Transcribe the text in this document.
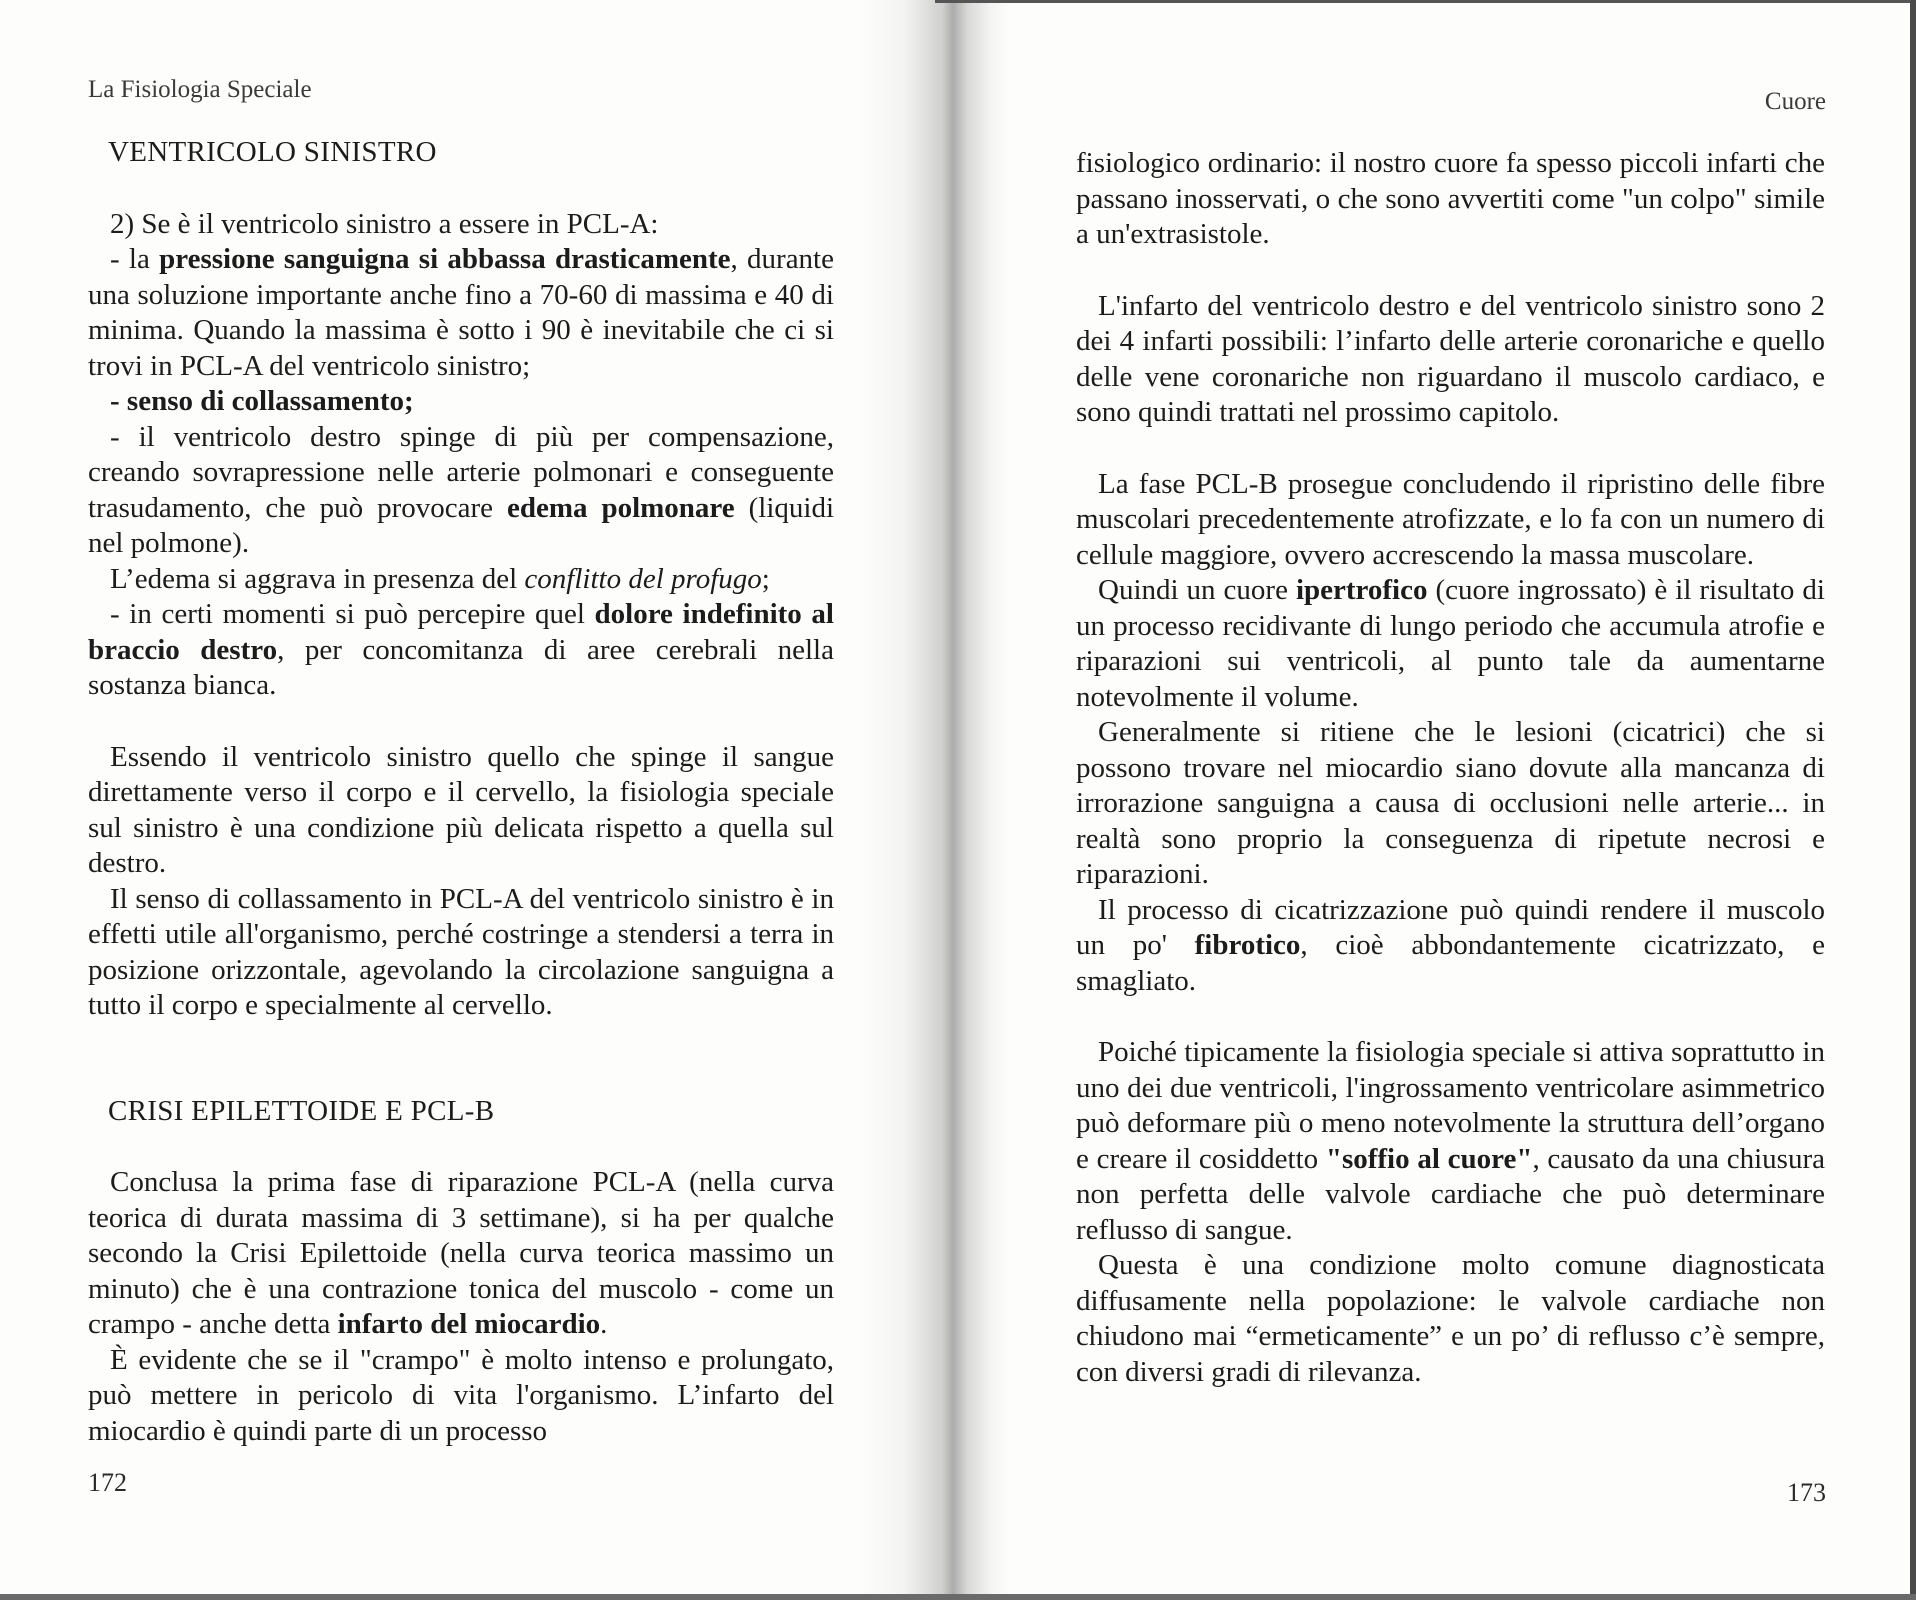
La Fisiologia Speciale

VENTRICOLO SINISTRO

2) Se è il ventricolo sinistro a essere in PCL-A:

- la pressione sanguigna si abbassa drasticamente, durante una soluzione importante anche fino a 70-60 di massima e 40 di minima. Quando la massima è sotto i 90 è inevitabile che ci si trovi in PCL-A del ventricolo sinistro;

- senso di collassamento;

- il ventricolo destro spinge di più per compensazione, creando sovrapressione nelle arterie polmonari e conseguente trasudamento, che può provocare edema polmonare (liquidi nel polmone).

L’edema si aggrava in presenza del conflitto del profugo;

- in certi momenti si può percepire quel dolore indefinito al braccio destro, per concomitanza di aree cerebrali nella sostanza bianca.

Essendo il ventricolo sinistro quello che spinge il sangue direttamente verso il corpo e il cervello, la fisiologia speciale sul sinistro è una condizione più delicata rispetto a quella sul destro.

Il senso di collassamento in PCL-A del ventricolo sinistro è in effetti utile all'organismo, perché costringe a stendersi a terra in posizione orizzontale, agevolando la circolazione sanguigna a tutto il corpo e specialmente al cervello.

CRISI EPILETTOIDE E PCL-B

Conclusa la prima fase di riparazione PCL-A (nella curva teorica di durata massima di 3 settimane), si ha per qualche secondo la Crisi Epilettoide (nella curva teorica massimo un minuto) che è una contrazione tonica del muscolo - come un crampo - anche detta infarto del miocardio.

È evidente che se il "crampo" è molto intenso e prolungato, può mettere in pericolo di vita l'organismo. L’infarto del miocardio è quindi parte di un processo

172
Cuore

fisiologico ordinario: il nostro cuore fa spesso piccoli infarti che passano inosservati, o che sono avvertiti come "un colpo" simile a un'extrasistole.

L'infarto del ventricolo destro e del ventricolo sinistro sono 2 dei 4 infarti possibili: l’infarto delle arterie coronariche e quello delle vene coronariche non riguardano il muscolo cardiaco, e sono quindi trattati nel prossimo capitolo.

La fase PCL-B prosegue concludendo il ripristino delle fibre muscolari precedentemente atrofizzate, e lo fa con un numero di cellule maggiore, ovvero accrescendo la massa muscolare.

Quindi un cuore ipertrofico (cuore ingrossato) è il risultato di un processo recidivante di lungo periodo che accumula atrofie e riparazioni sui ventricoli, al punto tale da aumentarne notevolmente il volume.

Generalmente si ritiene che le lesioni (cicatrici) che si possono trovare nel miocardio siano dovute alla mancanza di irrorazione sanguigna a causa di occlusioni nelle arterie... in realtà sono proprio la conseguenza di ripetute necrosi e riparazioni.

Il processo di cicatrizzazione può quindi rendere il muscolo un po' fibrotico, cioè abbondantemente cicatrizzato, e smagliato.

Poiché tipicamente la fisiologia speciale si attiva soprattutto in uno dei due ventricoli, l'ingrossamento ventricolare asimmetrico può deformare più o meno notevolmente la struttura dell’organo e creare il cosiddetto "soffio al cuore", causato da una chiusura non perfetta delle valvole cardiache che può determinare reflusso di sangue.

Questa è una condizione molto comune diagnosticata diffusamente nella popolazione: le valvole cardiache non chiudono mai “ermeticamente” e un po’ di reflusso c’è sempre, con diversi gradi di rilevanza.

173
